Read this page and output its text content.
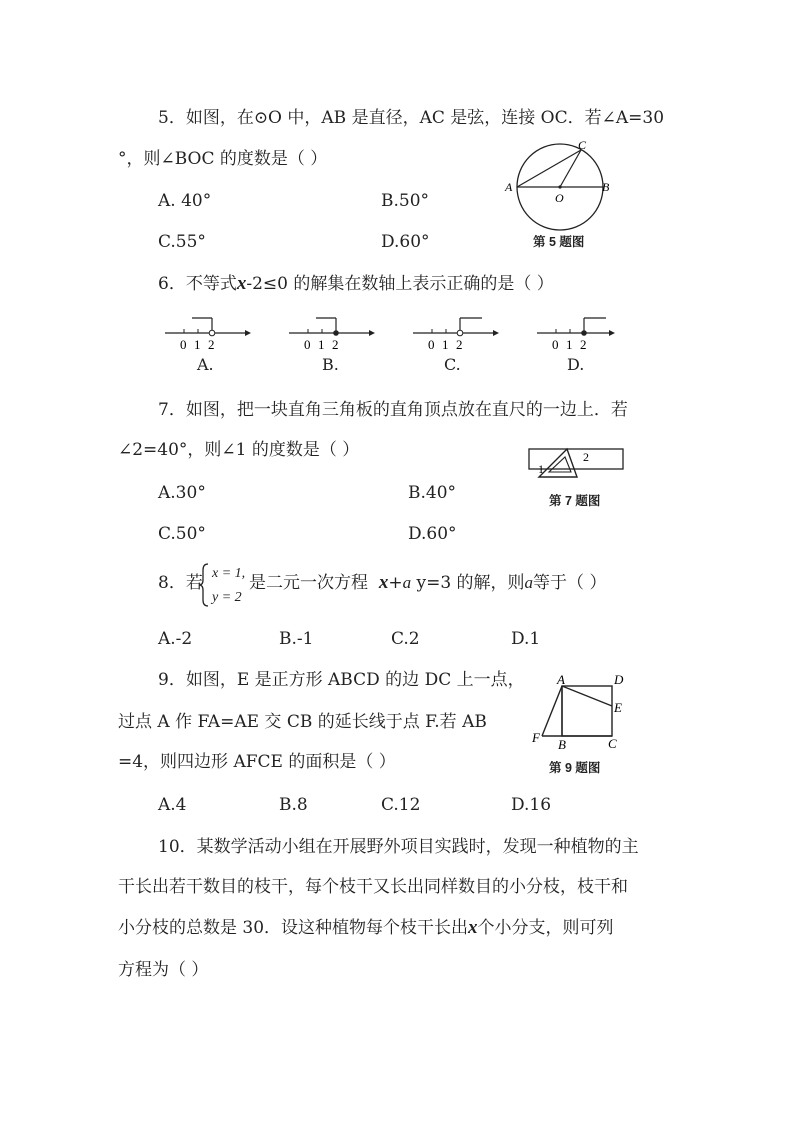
5．如图，在⊙O 中，AB 是直径，AC 是弦，连接 OC．若∠A=30
°，则∠BOC 的度数是（ ）
A. 40°	B.50°
C.55°	D.60°
A	B
C
O
第 5 题图
6．不等式x-2≤0 的解集在数轴上表示正确的是（ ）
0 1 2
A.
0 1 2
B.
0 1 2
C.
0 1 2
D.
7．如图，把一块直角三角板的直角顶点放在直尺的一边上．若
∠2=40°，则∠1 的度数是（ ）
A.30°	B.40°
C.50°	D.60°
1
2
第 7 题图
8．若 x = 1,
y = 2
是二元一次方程 x+a y=3 的解，则a等于（ ）
A.-2	B.-1	C.2	D.1
9．如图，E 是正方形 ABCD 的边 DC 上一点，
过点 A 作 FA=AE 交 CB 的延长线于点 F.若 AB
=4，则四边形 AFCE 的面积是（ ）
A	D
E
C
B
F
第 9 题图
A.4	B.8	C.12	D.16
10．某数学活动小组在开展野外项目实践时，发现一种植物的主
干长出若干数目的枝干，每个枝干又长出同样数目的小分枝，枝干和
小分枝的总数是 30．设这种植物每个枝干长出x个小分支，则可列
方程为（ ）
